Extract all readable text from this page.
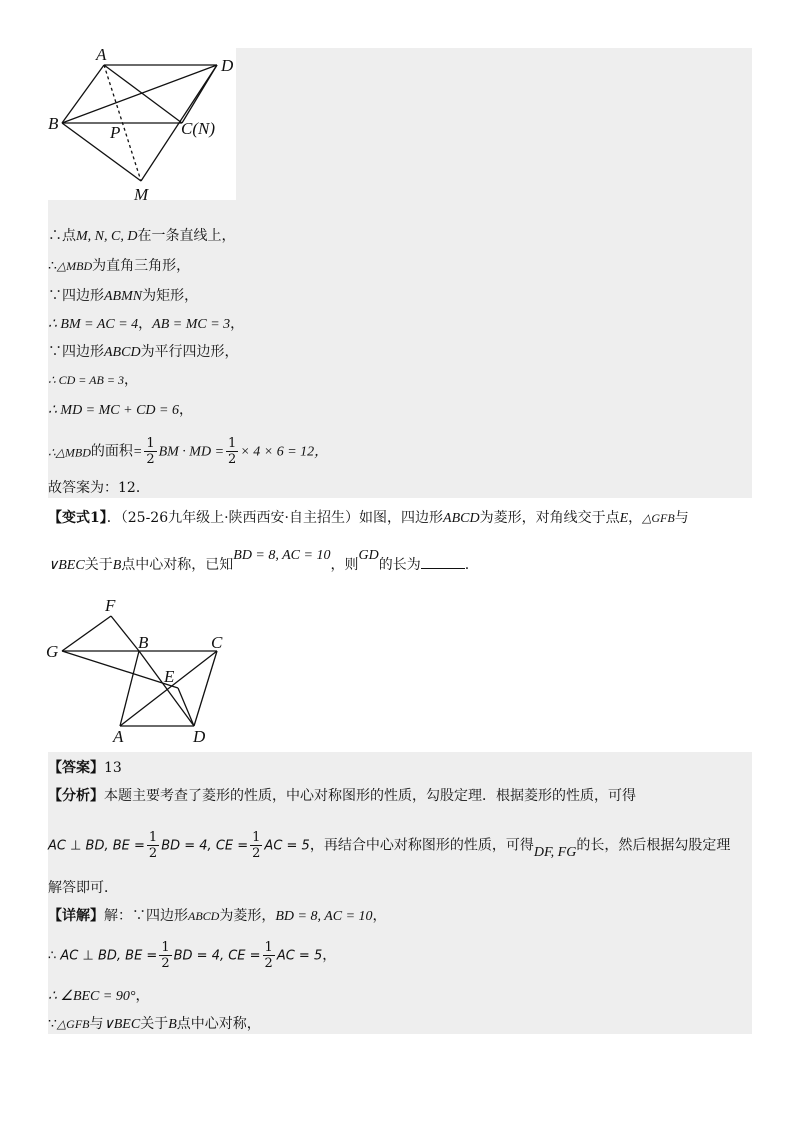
A
D
B	P	C(N)
M
∴点M, N, C, D在一条直线上，
∴△MBD为直角三角形，
∵四边形ABMN为矩形，
∴ BM = AC = 4，AB = MC = 3，
∵四边形ABCD为平行四边形，
∴ CD = AB = 3，
∴ MD = MC + CD = 6，
∴△MBD的面积= $\frac{1}{2}$ BM · MD = $\frac{1}{2} \times 4 \times 6 = 12$，
故答案为：12．
【变式1】．（25-26九年级上·陕西西安·自主招生）如图，四边形ABCD为菱形，对角线交于点E，△GFB与
∨BEC关于B点中心对称，已知BD = 8, AC = 10，则GD的长为	.
F
B	C
G
E
A	D
【答案】13
【分析】本题主要考查了菱形的性质，中心对称图形的性质，勾股定理．根据菱形的性质，可得
AC ⊥ BD, BE = $\frac{1}{2}$ BD = 4, CE = $\frac{1}{2}$ AC = 5，再结合中心对称图形的性质，可得DF, FG的长，然后根据勾股定理
解答即可．
【详解】解：∵四边形ABCD为菱形，BD = 8, AC = 10，
∴ AC ⊥ BD, BE = $\frac{1}{2}$ BD = 4, CE = $\frac{1}{2}$ AC = 5，
∴ ∠BEC = 90°，
∵△GFB与∨BEC关于B点中心对称，
